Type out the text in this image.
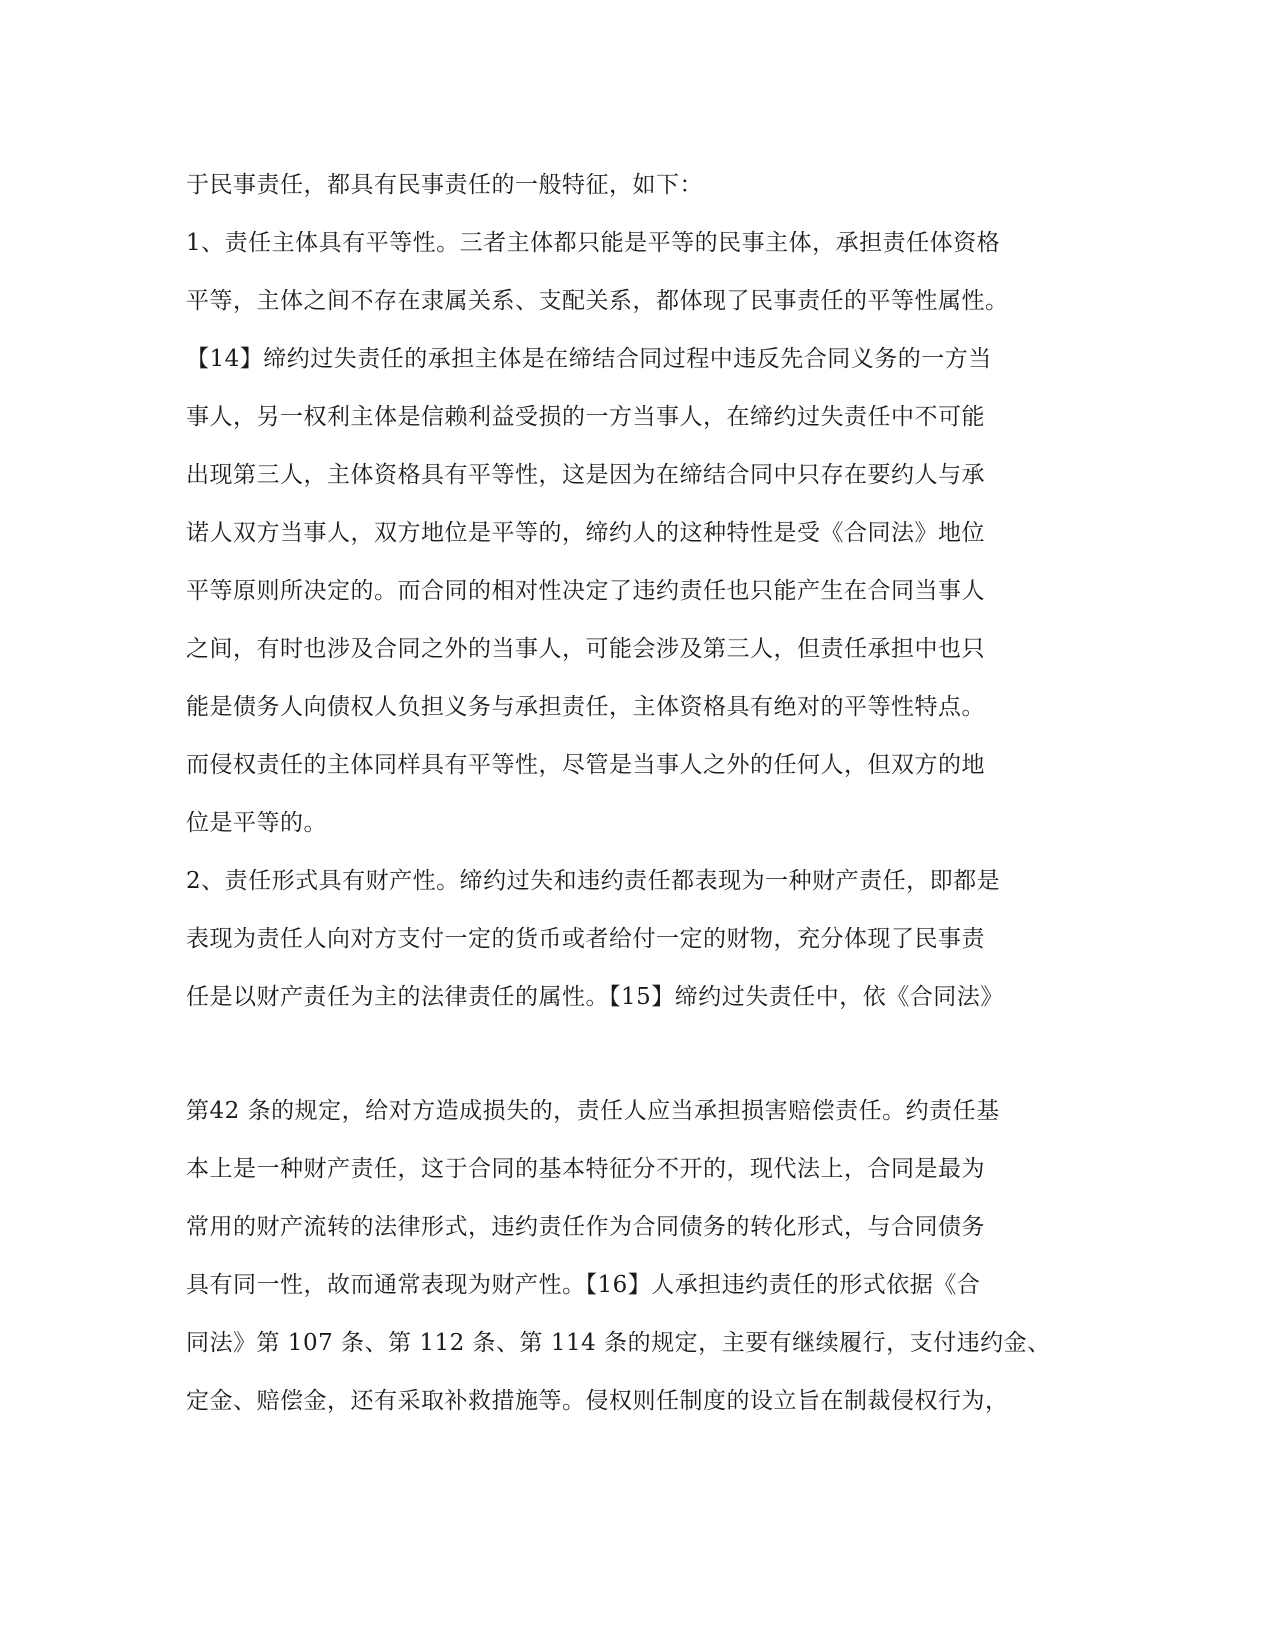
于民事责任，都具有民事责任的一般特征，如下：
1、责任主体具有平等性。三者主体都只能是平等的民事主体，承担责任体资格
平等，主体之间不存在隶属关系、支配关系，都体现了民事责任的平等性属性。
【14】缔约过失责任的承担主体是在缔结合同过程中违反先合同义务的一方当
事人，另一权利主体是信赖利益受损的一方当事人，在缔约过失责任中不可能
出现第三人，主体资格具有平等性，这是因为在缔结合同中只存在要约人与承
诺人双方当事人，双方地位是平等的，缔约人的这种特性是受《合同法》地位
平等原则所决定的。而合同的相对性决定了违约责任也只能产生在合同当事人
之间，有时也涉及合同之外的当事人，可能会涉及第三人，但责任承担中也只
能是债务人向债权人负担义务与承担责任，主体资格具有绝对的平等性特点。
而侵权责任的主体同样具有平等性，尽管是当事人之外的任何人，但双方的地
位是平等的。
2、责任形式具有财产性。缔约过失和违约责任都表现为一种财产责任，即都是
表现为责任人向对方支付一定的货币或者给付一定的财物，充分体现了民事责
任是以财产责任为主的法律责任的属性。【15】缔约过失责任中，依《合同法》
第42 条的规定，给对方造成损失的，责任人应当承担损害赔偿责任。约责任基
本上是一种财产责任，这于合同的基本特征分不开的，现代法上，合同是最为
常用的财产流转的法律形式，违约责任作为合同债务的转化形式，与合同债务
具有同一性，故而通常表现为财产性。【16】人承担违约责任的形式依据《合
同法》第 107 条、第 112 条、第 114 条的规定，主要有继续履行，支付违约金、
定金、赔偿金，还有采取补救措施等。侵权则任制度的设立旨在制裁侵权行为，
